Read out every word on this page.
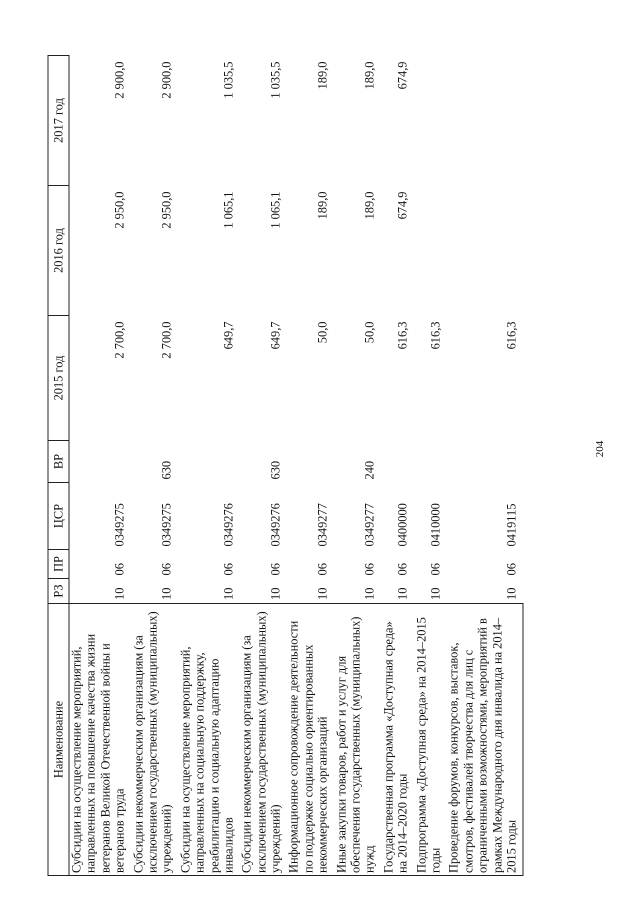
204
Наименование	РЗ	ПР	ЦСР	ВР	2015 год	2016 год	2017 год
Субсидии на осуществление мероприятий, направленных на повышение качества жизни ветеранов Великой Отечественной войны и ветеранов труда	10	06	0349275		2 700,0	2 950,0	2 900,0
Субсидии некоммерческим организациям (за исключением государственных (муниципальных) учреждений)	10	06	0349275	630	2 700,0	2 950,0	2 900,0
Субсидии на осуществление мероприятий, направленных на социальную поддержку, реабилитацию и социальную адаптацию инвалидов	10	06	0349276		649,7	1 065,1	1 035,5
Субсидии некоммерческим организациям (за исключением государственных (муниципальных) учреждений)	10	06	0349276	630	649,7	1 065,1	1 035,5
Информационное сопровождение деятельности по поддержке социально ориентированных некоммерческих организаций	10	06	0349277		50,0	189,0	189,0
Иные закупки товаров, работ и услуг для обеспечения государственных (муниципальных) нужд	10	06	0349277	240	50,0	189,0	189,0
Государственная программа «Доступная среда» на 2014–2020 годы	10	06	0400000		616,3	674,9	674,9
Подпрограмма «Доступная среда» на 2014–2015 годы	10	06	0410000		616,3		
Проведение форумов, конкурсов, выставок, смотров, фестивалей творчества для лиц с ограниченными возможностями, мероприятий в рамках Международного дня инвалида на 2014–2015 годы	10	06	0419115		616,3		
